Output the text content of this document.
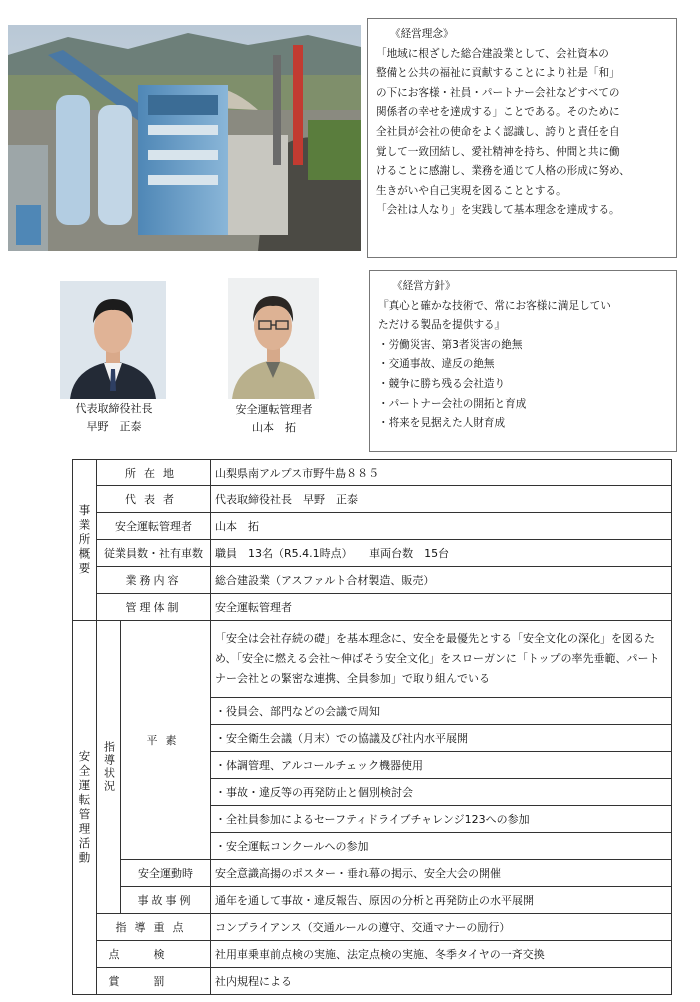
《経営理念》

「地域に根ざした総合建設業として、会社資本の

整備と公共の福祉に貢献することにより社是「和」

の下にお客様・社員・パートナー会社などすべての

関係者の幸せを達成する」ことである。そのために

全社員が会社の使命をよく認識し、誇りと責任を自

覚して一致団結し、愛社精神を持ち、仲間と共に働

けることに感謝し、業務を通じて人格の形成に努め、

生きがいや自己実現を図ることとする。

「会社は人なり」を実践して基本理念を達成する。

代表取締役社長
早野　正泰
安全運転管理者
山本　拓
《経営方針》
『真心と確かな技術で、常にお客様に満足してい
ただける製品を提供する』
・ 労働災害、第3者災害の絶無
・ 交通事故、違反の絶無
・ 競争に勝ち残る会社造り
・ パートナー会社の開拓と育成
・ 将来を見据えた人財育成
事業所概要	所在地		山梨県南アルプス市野牛島８８５
	代表者		代表取締役社長　早野　正泰
	安全運転管理者		山本　拓
	従業員数・社有車数		職員　13名（R5.4.1時点）　　車両台数　15台
	業務内容		総合建設業（アスファルト合材製造、販売）
	管理体制		安全運転管理者
安全運転管理活動	指導状況	平素	「安全は会社存続の礎」を基本理念に、安全を最優先とする「安全文化の深化」を図るため、「安全に燃える会社～伸ばそう安全文化」をスローガンに「トップの率先垂範、パートナー会社との緊密な連携、全員参加」で取り組んでいる
			・ 役員会、部門などの会議で周知
			・ 安全衛生会議（月末）での協議及び社内水平展開
			・ 体調管理、アルコールチェック機器使用
			・ 事故・違反等の再発防止と個別検討会
			・ 全社員参加によるセーフティドライブチャレンジ123への参加
			・ 安全運転コンクールへの参加
		安全運動時	安全意識高揚のポスター・垂れ幕の掲示、安全大会の開催
		事故事例	通年を通して事故・違反報告、原因の分析と再発防止の水平展開
	指導重点		コンプライアンス（交通ルールの遵守、交通マナーの励行）
	点検		社用車乗車前点検の実施、法定点検の実施、冬季タイヤの一斉交換
	賞罰		社内規程による
